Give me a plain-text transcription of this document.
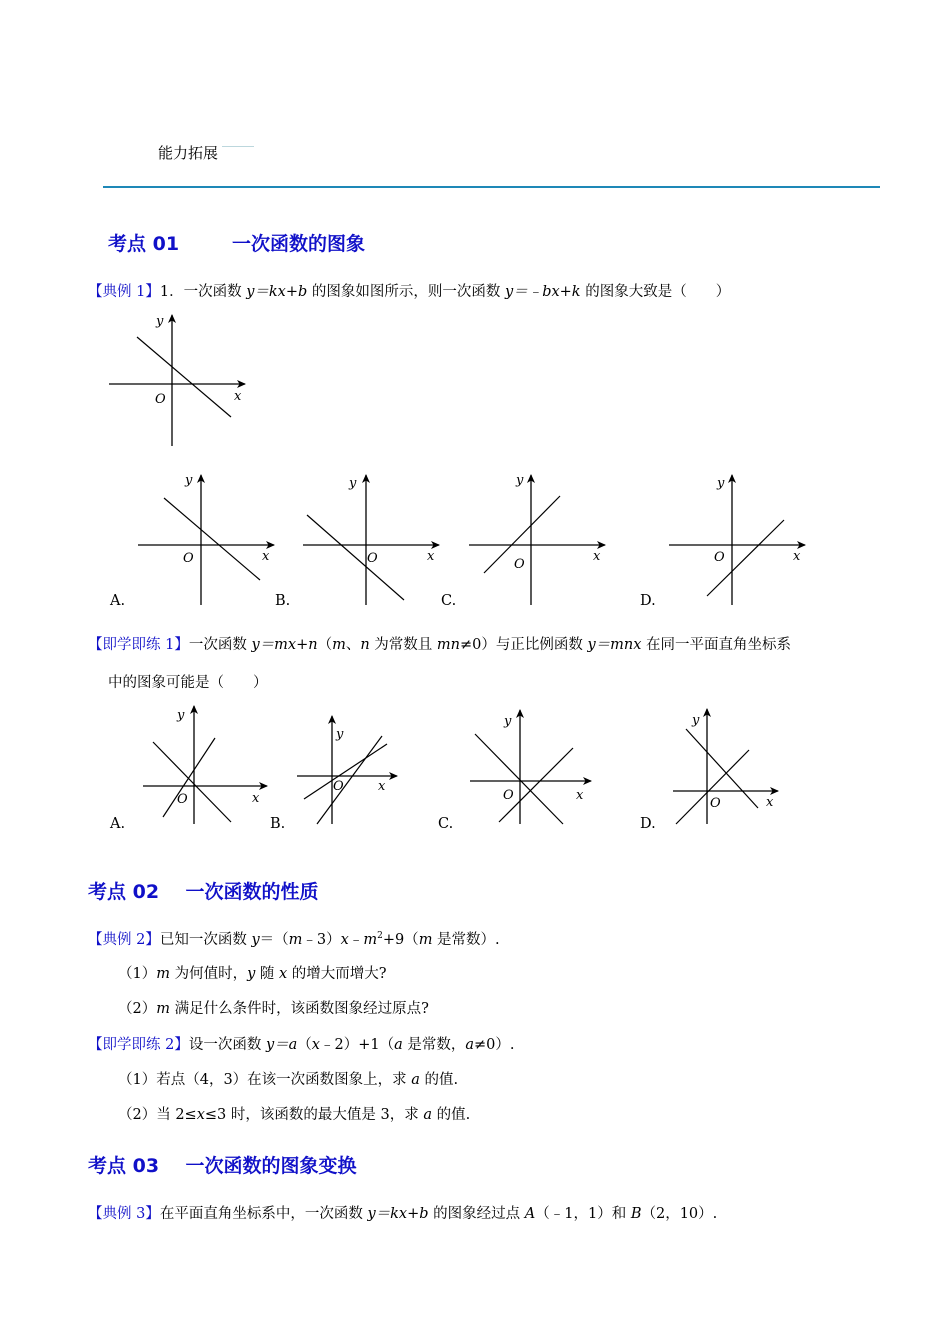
能力拓展
考点 01        一次函数的图象
【典例 1】1．一次函数 y＝kx+b 的图象如图所示，则一次函数 y＝﹣bx+k 的图象大致是（　　）
O	x
y
O	x
y
O	x
y
O
x
y
O	x
y
A.	B.	C.	D.
【即学即练 1】一次函数 y＝mx+n（m、n 为常数且 mn≠0）与正比例函数 y＝mnx 在同一平面直角坐标系
中的图象可能是（　　）
O	x
y
O	x
y
O	x
y
O	x
y
A.	B.	C.	D.
考点 02    一次函数的性质
【典例 2】已知一次函数 $y=(m﹣3)x﹣m^2+9(m$ 是常数）.
（1）m 为何值时，y 随 x 的增大而增大?
（2）m 满足什么条件时，该函数图象经过原点?
【即学即练 2】设一次函数 y＝a（x﹣2）+1（a 是常数，a≠0）.
（1）若点（4，3）在该一次函数图象上，求 a 的值.
（2）当 2≤x≤3 时，该函数的最大值是 3，求 a 的值.
考点 03    一次函数的图象变换
【典例 3】在平面直角坐标系中，一次函数 y＝kx+b 的图象经过点 A（﹣1，1）和 B（2，10）.
